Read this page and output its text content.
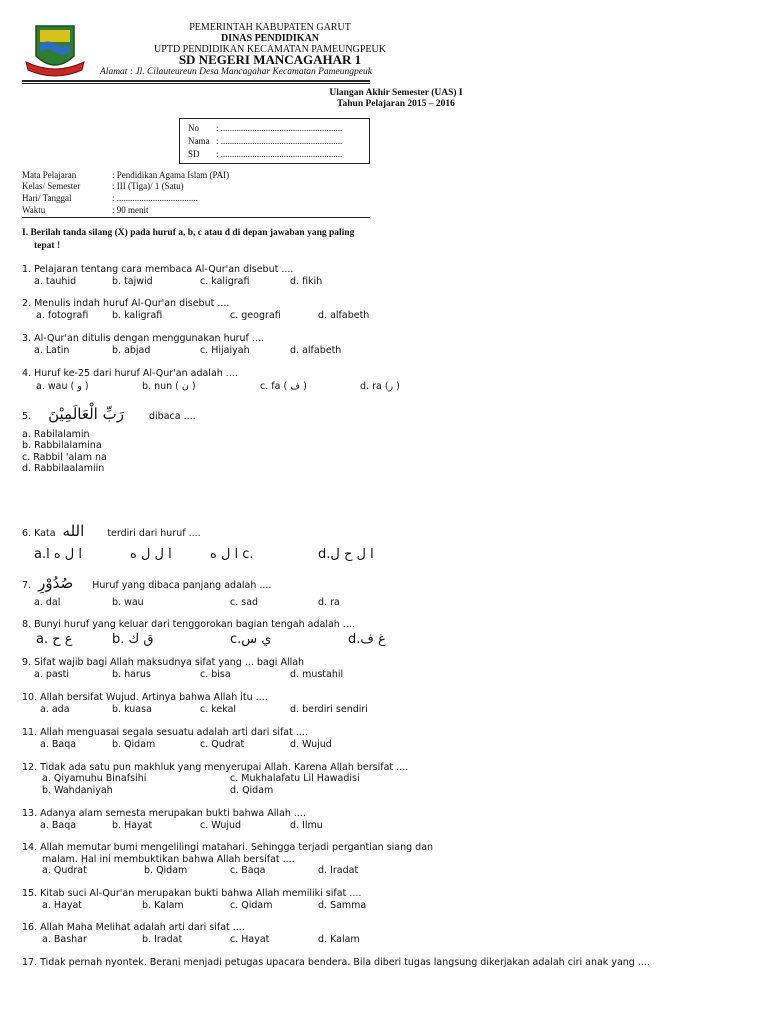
PEMERINTAH KABUPATEN GARUT
DINAS PENDIDIKAN
UPTD PENDIDIKAN KECAMATAN PAMEUNGPEUK
SD NEGERI MANCAGAHAR 1
Alamat : Jl. Cilauteureun Desa Mancagahar Kecamatan Pameungpeuk
Ulangan Akhir Semester (UAS) I
Tahun Pelajaran 2015 – 2016
No : ......................................................
Nama : ......................................................
SD : ......................................................
Mata Pelajaran	: Pendidikan Agama Islam (PAI)
Kelas/ Semester	: III (Tiga)/ 1 (Satu)
Hari/ Tanggal	: ....................................
Waktu	: 90 menit
I. Berilah tanda silang (X) pada huruf a, b, c atau d di depan jawaban yang paling
tepat !
1. Pelajaran tentang cara membaca Al-Qur'an disebut ....
a. tauhid	b. tajwid	c. kaligrafi	d. fikih
2. Menulis indah huruf Al-Qur'an disebut ....
a. fotografi b. kaligrafi	c. geografi	d. alfabeth
3. Al-Qur'an ditulis dengan menggunakan huruf ....
a. Latin	b. abjad	c. Hijaiyah	d. alfabeth
4. Huruf ke-25 dari huruf Al-Qur'an adalah ....
a. wau ( و )	b. nun ( ن )	c. fa ( ف )	d. ra (ر )
5. رَبِّ الْعَالَمِيْنَ	dibaca ....
a. Rabilalamin
b. Rabbilalamina
c. Rabbil 'alam na
d. Rabbilaalamiin
6. Kata الله terdiri dari huruf ....
a.ا ل ه ا	ا ل ل ه	ا ل ه c.	d.ا ل ح ل
7. صُدُوْرِ Huruf yang dibaca panjang adalah ....
a. dal	b. wau	c. sad	d. ra
8. Bunyi huruf yang keluar dari tenggorokan bagian tengah adalah ....
a. ع ح	b. ق ك	c.ي س	d.غ ف
9. Sifat wajib bagi Allah maksudnya sifat yang ... bagi Allah
a. pasti	b. harus	c. bisa	d. mustahil
10. Allah bersifat Wujud. Artinya bahwa Allah itu ....
a. ada	b. kuasa	c. kekal	d. berdiri sendiri
11. Allah menguasai segala sesuatu adalah arti dari sifat ....
a. Baqa	b. Qidam	c. Qudrat	d. Wujud
12. Tidak ada satu pun makhluk yang menyerupai Allah. Karena Allah bersifat ....
a. Qiyamuhu Binafsihi	c. Mukhalafatu Lil Hawadisi
b. Wahdaniyah	d. Qidam
13. Adanya alam semesta merupakan bukti bahwa Allah ....
a. Baqa	b. Hayat	c. Wujud	d. Ilmu
14. Allah memutar bumi mengelilingi matahari. Sehingga terjadi pergantian siang dan
malam. Hal ini membuktikan bahwa Allah bersifat ....
a. Qudrat	b. Qidam	c. Baqa	d. Iradat
15. Kitab suci Al-Qur'an merupakan bukti bahwa Allah memiliki sifat ....
a. Hayat	b. Kalam	c. Qidam	d. Samma
16. Allah Maha Melihat adalah arti dari sifat ....
a. Bashar	b. Iradat	c. Hayat	d. Kalam
17. Tidak pernah nyontek. Berani menjadi petugas upacara bendera. Bila diberi tugas langsung dikerjakan adalah ciri anak yang ....
